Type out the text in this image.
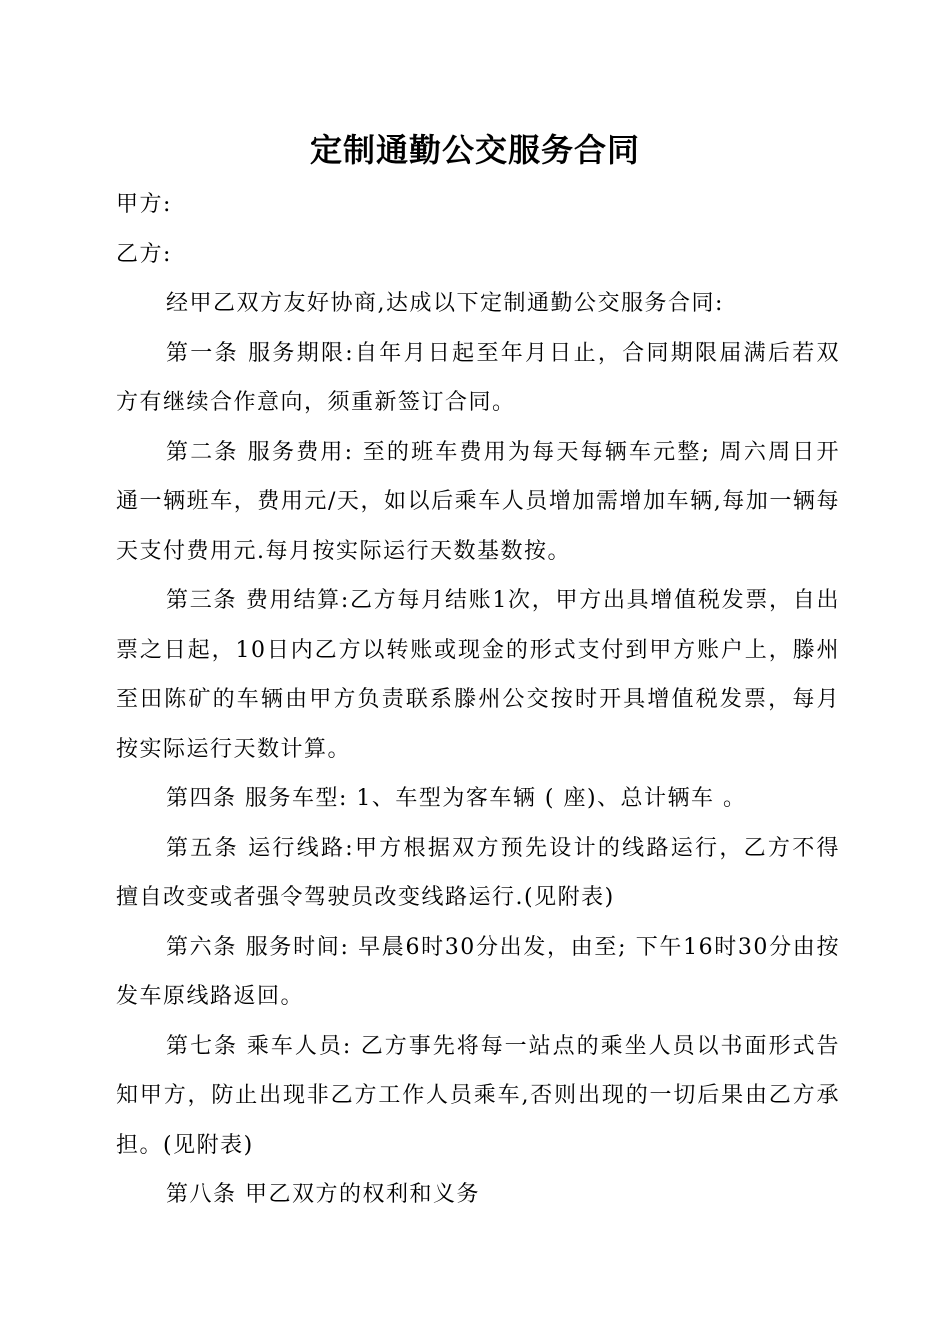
定制通勤公交服务合同

甲方:

乙方:

经甲乙双方友好协商,达成以下定制通勤公交服务合同:

第一条 服务期限:自年月日起至年月日止，合同期限届满后若双方有继续合作意向，须重新签订合同。

第二条 服务费用: 至的班车费用为每天每辆车元整; 周六周日开通一辆班车，费用元/天，如以后乘车人员增加需增加车辆,每加一辆每天支付费用元.每月按实际运行天数基数按。

第三条 费用结算:乙方每月结账1次，甲方出具增值税发票，自出票之日起，10日内乙方以转账或现金的形式支付到甲方账户上，滕州至田陈矿的车辆由甲方负责联系滕州公交按时开具增值税发票，每月按实际运行天数计算。

第四条 服务车型: 1、车型为客车辆 ( 座)、总计辆车 。

第五条 运行线路:甲方根据双方预先设计的线路运行，乙方不得擅自改变或者强令驾驶员改变线路运行.(见附表)

第六条 服务时间: 早晨6时30分出发，由至; 下午16时30分由按发车原线路返回。

第七条 乘车人员: 乙方事先将每一站点的乘坐人员以书面形式告知甲方，防止出现非乙方工作人员乘车,否则出现的一切后果由乙方承担。(见附表)

第八条 甲乙双方的权利和义务
